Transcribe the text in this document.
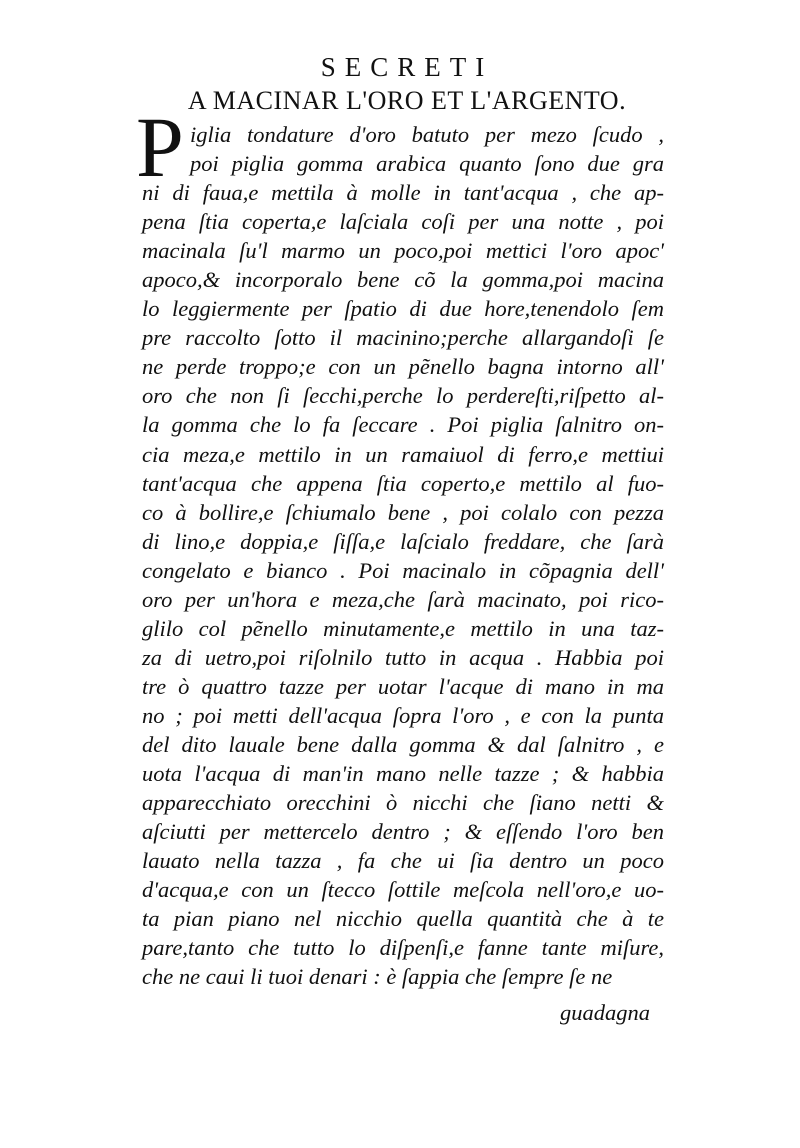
SECRETI
A MACINAR L'ORO ET L'ARGENTO.
P iglia tondature d'oro batuto per mezo ſcudo ,
poi piglia gomma arabica quanto ſono due gra
ni di faua,e mettila à molle in tant'acqua , che ap-
pena ſtia coperta,e laſciala coſi per una notte , poi
macinala ſu'l marmo un poco,poi mettici l'oro apoc'
apoco,& incorporalo bene cõ la gomma,poi macina
lo leggiermente per ſpatio di due hore,tenendolo ſem
pre raccolto ſotto il macinino;perche allargandoſi ſe
ne perde troppo;e con un pẽnello bagna intorno all'
oro che non ſi ſecchi,perche lo perdereſti,riſpetto al-
la gomma che lo fa ſeccare . Poi piglia ſalnitro on-
cia meza,e mettilo in un ramaiuol di ferro,e mettiui
tant'acqua che appena ſtia coperto,e mettilo al fuo-
co à bollire,e ſchiumalo bene , poi colalo con pezza
di lino,e doppia,e ſiſſa,e laſcialo freddare, che ſarà
congelato e bianco . Poi macinalo in cõpagnia dell'
oro per un'hora e meza,che ſarà macinato, poi rico-
glilo col pẽnello minutamente,e mettilo in una taz-
za di uetro,poi riſolnilo tutto in acqua . Habbia poi
tre ò quattro tazze per uotar l'acque di mano in ma
no ; poi metti dell'acqua ſopra l'oro , e con la punta
del dito lauale bene dalla gomma & dal ſalnitro , e
uota l'acqua di man'in mano nelle tazze ; & habbia
apparecchiato orecchini ò nicchi che ſiano netti &
aſciutti per mettercelo dentro ; & eſſendo l'oro ben
lauato nella tazza , fa che ui ſia dentro un poco
d'acqua,e con un ſtecco ſottile meſcola nell'oro,e uo-
ta pian piano nel nicchio quella quantità che à te
pare,tanto che tutto lo diſpenſi,e fanne tante miſure,
che ne caui li tuoi denari : è ſappia che ſempre ſe ne
guadagna
